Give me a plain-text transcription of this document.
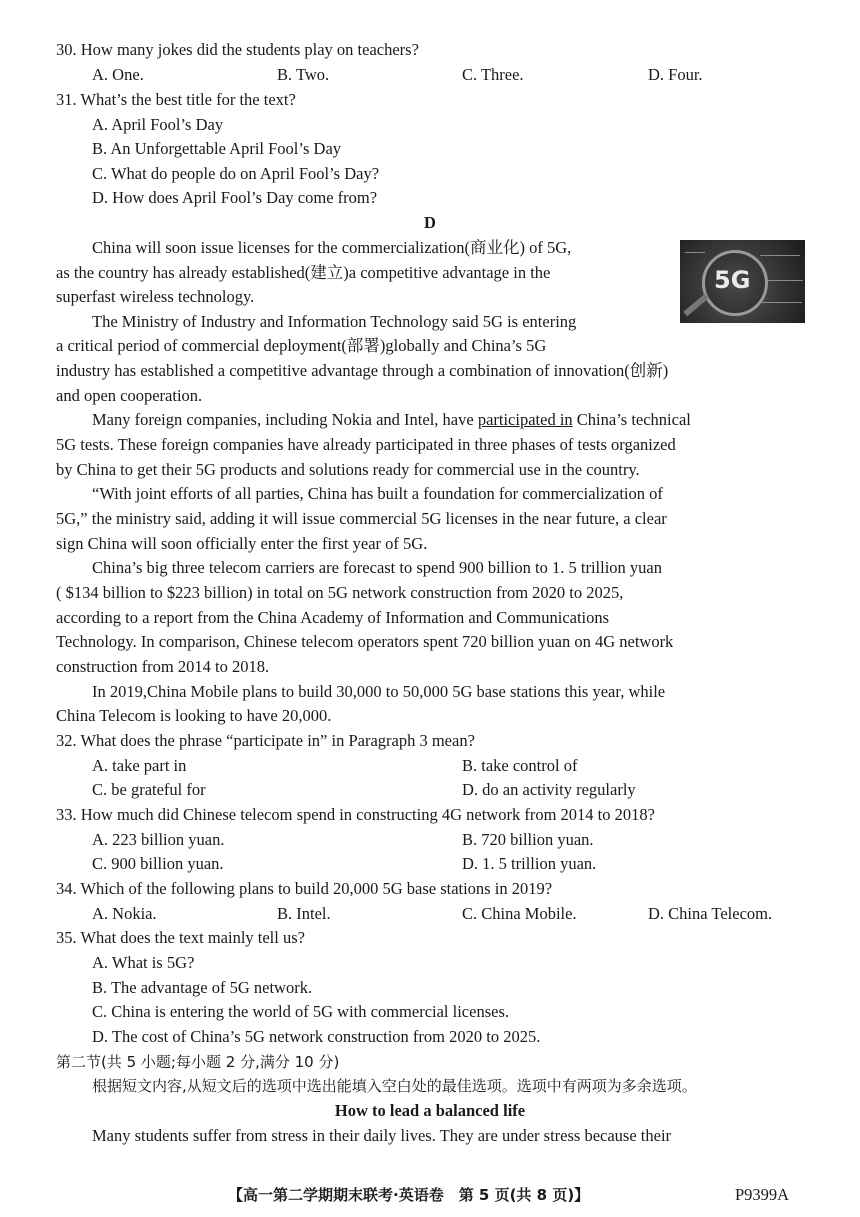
30. How many jokes did the students play on teachers?
A. One.	B. Two.	C. Three.	D. Four.
31. What’s the best title for the text?
A. April Fool’s Day
B. An Unforgettable April Fool’s Day
C. What do people do on April Fool’s Day?
D. How does April Fool’s Day come from?
D
5G
China will soon issue licenses for the commercialization(商业化) of 5G,
as the country has already established(建立)a competitive advantage in the
superfast wireless technology.
The Ministry of Industry and Information Technology said 5G is entering
a critical period of commercial deployment(部署)globally and China’s 5G
industry has established a competitive advantage through a combination of innovation(创新)
and open cooperation.
Many foreign companies, including Nokia and Intel, have participated in China’s technical
5G tests. These foreign companies have already participated in three phases of tests organized
by China to get their 5G products and solutions ready for commercial use in the country.
“With joint efforts of all parties, China has built a foundation for commercialization of
5G,” the ministry said, adding it will issue commercial 5G licenses in the near future, a clear
sign China will soon officially enter the first year of 5G.
China’s big three telecom carriers are forecast to spend 900 billion to 1. 5 trillion yuan
( $134 billion to $223 billion) in total on 5G network construction from 2020 to 2025,
according to a report from the China Academy of Information and Communications
Technology. In comparison, Chinese telecom operators spent 720 billion yuan on 4G network
construction from 2014 to 2018.
In 2019,China Mobile plans to build 30,000 to 50,000 5G base stations this year, while
China Telecom is looking to have 20,000.
32. What does the phrase “participate in” in Paragraph 3 mean?
A. take part in	B. take control of
C. be grateful for	D. do an activity regularly
33. How much did Chinese telecom spend in constructing 4G network from 2014 to 2018?
A. 223 billion yuan.	B. 720 billion yuan.
C. 900 billion yuan.	D. 1. 5 trillion yuan.
34. Which of the following plans to build 20,000 5G base stations in 2019?
A. Nokia.	B. Intel.	C. China Mobile.	D. China Telecom.
35. What does the text mainly tell us?
A. What is 5G?
B. The advantage of 5G network.
C. China is entering the world of 5G with commercial licenses.
D. The cost of China’s 5G network construction from 2020 to 2025.
第二节(共 5 小题;每小题 2 分,满分 10 分)
根据短文内容,从短文后的选项中选出能填入空白处的最佳选项。选项中有两项为多余选项。
How to lead a balanced life
Many students suffer from stress in their daily lives. They are under stress because their
【高一第二学期期末联考·英语卷　第 5 页(共 8 页)】	P9399A
